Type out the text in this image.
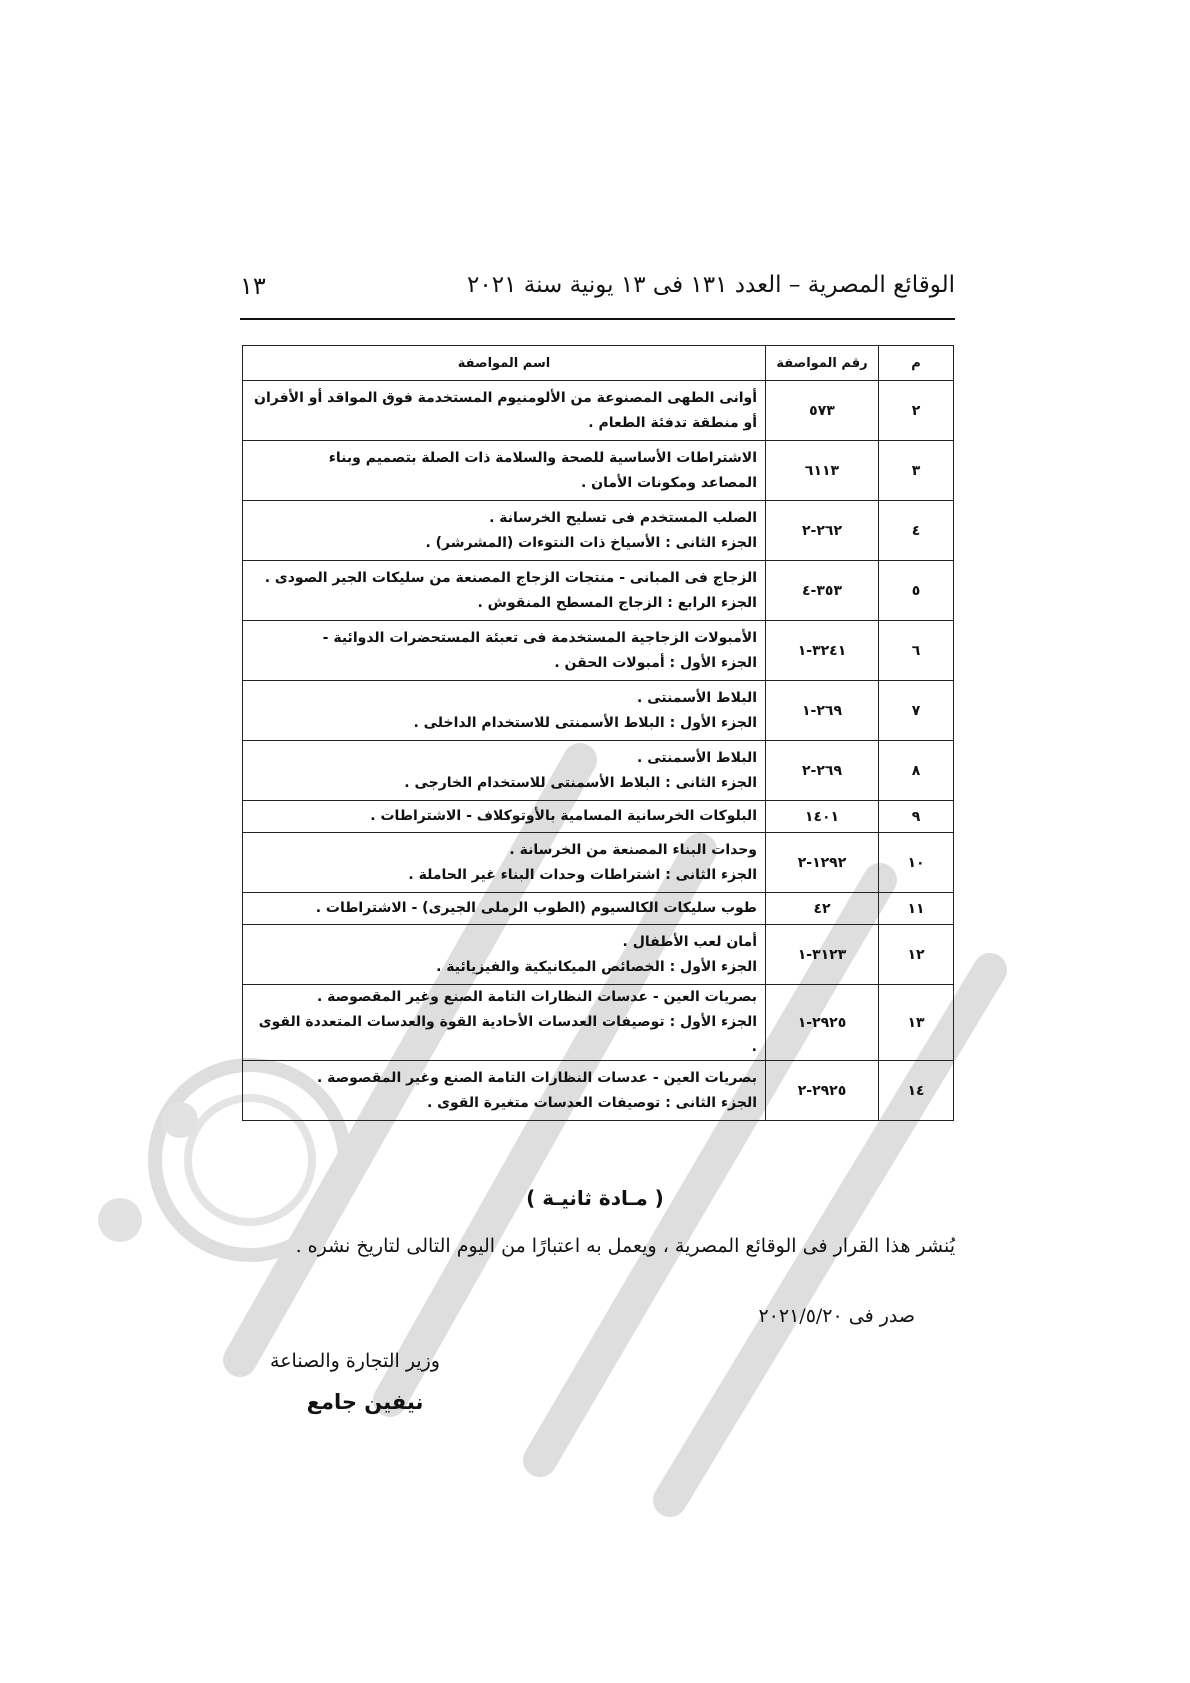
الوقائع المصرية – العدد ١٣١ فى ١٣ يونية سنة ٢٠٢١
١٣
م	رقم المواصفة	اسم المواصفة
٢	٥٧٣	أوانى الطهى المصنوعة من الألومنيوم المستخدمة فوق المواقد أو الأفران
أو منطقة تدفئة الطعام .

٣	٦١١٣	الاشتراطات الأساسية للصحة والسلامة ذات الصلة بتصميم وبناء
المصاعد ومكونات الأمان .

٤	٢٦٢-٢	الصلب المستخدم فى تسليح الخرسانة .
الجزء الثانى : الأسياخ ذات النتوءات (المشرشر) .

٥	٣٥٣-٤	الزجاج فى المبانى - منتجات الزجاج المصنعة من سليكات الجير الصودى .
الجزء الرابع : الزجاج المسطح المنقوش .

٦	٣٢٤١-١	الأمبولات الزجاجية المستخدمة فى تعبئة المستحضرات الدوائية -
الجزء الأول : أمبولات الحقن .

٧	٢٦٩-١	البلاط الأسمنتى .
الجزء الأول : البلاط الأسمنتى للاستخدام الداخلى .

٨	٢٦٩-٢	البلاط الأسمنتى .
الجزء الثانى : البلاط الأسمنتى للاستخدام الخارجى .

٩	١٤٠١	البلوكات الخرسانية المسامية بالأوتوكلاف - الاشتراطات .

١٠	١٢٩٢-٢	وحدات البناء المصنعة من الخرسانة .
الجزء الثانى : اشتراطات وحدات البناء غير الحاملة .

١١	٤٢	طوب سليكات الكالسيوم (الطوب الرملى الجيرى) - الاشتراطات .

١٢	٣١٢٣-١	أمان لعب الأطفال .
الجزء الأول : الخصائص الميكانيكية والفيزيائية .

١٣	٢٩٢٥-١	بصريات العين - عدسات النظارات التامة الصنع وغير المقصوصة .
الجزء الأول : توصيفات العدسات الأحادية القوة والعدسات المتعددة القوى .

١٤	٢٩٢٥-٢	بصريات العين - عدسات النظارات التامة الصنع وغير المقصوصة .
الجزء الثانى : توصيفات العدسات متغيرة القوى .
( مـادة ثانيـة )
يُنشر هذا القرار فى الوقائع المصرية ، ويعمل به اعتبارًا من اليوم التالى لتاريخ نشره .
صدر فى ٢٠٢١/٥/٢٠
وزير التجارة والصناعة
نيفين جامع
